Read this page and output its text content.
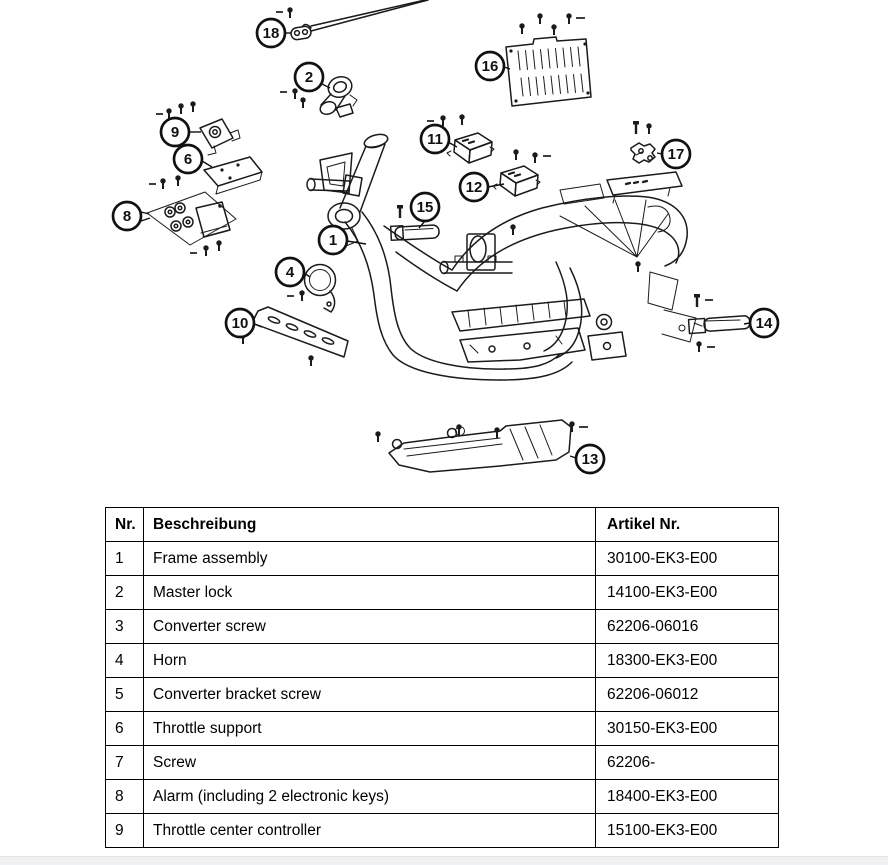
1
2
4
6
8
9
10
11
12
13
14
15
16
17
18
Nr.	Beschreibung	Artikel Nr.
1	Frame assembly	30100-EK3-E00
2	Master lock	14100-EK3-E00
3	Converter screw	62206-06016
4	Horn	18300-EK3-E00
5	Converter bracket screw	62206-06012
6	Throttle support	30150-EK3-E00
7	Screw	62206-
8	Alarm (including 2 electronic keys)	18400-EK3-E00
9	Throttle center controller	15100-EK3-E00
